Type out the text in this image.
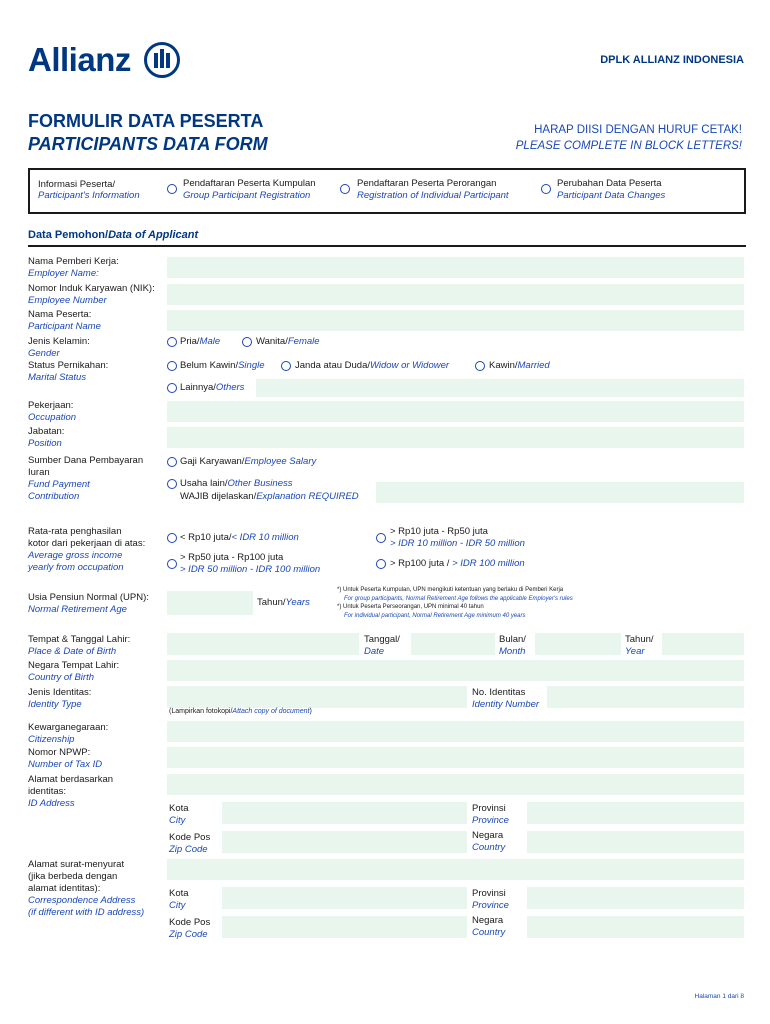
Allianz	DPLK ALLIANZ INDONESIA
FORMULIR DATA PESERTA
PARTICIPANTS DATA FORM
HARAP DIISI DENGAN HURUF CETAK!
PLEASE COMPLETE IN BLOCK LETTERS!
Informasi Peserta/
Participant's Information
Pendaftaran Peserta Kumpulan
Group Participant Registration
Pendaftaran Peserta Perorangan
Registration of Individual Participant
Perubahan Data Peserta
Participant Data Changes
Data Pemohon/Data of Applicant
Nama Pemberi Kerja:
Employer Name:
Nomor Induk Karyawan (NIK):
Employee Number
Nama Peserta:
Participant Name
Jenis Kelamin:
Gender
Pria/Male	Wanita/Female
Status Pernikahan:
Marital Status
Belum Kawin/Single	Janda atau Duda/Widow or Widower	Kawin/Married
Lainnya/Others
Pekerjaan:
Occupation
Jabatan:
Position
Sumber Dana Pembayaran
Iuran
Fund Payment
Contribution
Gaji Karyawan/Employee Salary
Usaha lain/Other Business
WAJIB dijelaskan/Explanation REQUIRED
Rata-rata penghasilan
kotor dari pekerjaan di atas:
Average gross income
yearly from occupation
< Rp10 juta/< IDR 10 million
> Rp10 juta - Rp50 juta
> IDR 10 million - IDR 50 million
> Rp50 juta - Rp100 juta
> IDR 50 million - IDR 100 million
> Rp100 juta / > IDR 100 million
Usia Pensiun Normal (UPN):
Normal Retirement Age
Tahun/Years
*) Untuk Peserta Kumpulan, UPN mengikuti ketentuan yang berlaku di Pemberi Kerja
For group participants, Normal Retirement Age follows the applicable Employer's rules
*) Untuk Peserta Perseorangan, UPN minimal 40 tahun
For individual participant, Normal Retirement Age minimum 40 years
Tempat & Tanggal Lahir:
Place & Date of Birth
Tanggal/
Date
Bulan/
Month
Tahun/
Year
Negara Tempat Lahir:
Country of Birth
Jenis Identitas:
Identity Type
No. Identitas
Identity Number
(Lampirkan fotokopi/Attach copy of document)
Kewarganegaraan:
Citizenship
Nomor NPWP:
Number of Tax ID
Alamat berdasarkan
identitas:
ID Address	Kota
City
Provinsi
Province
Kode Pos
Zip Code
Negara
Country
Alamat surat-menyurat
(jika berbeda dengan
alamat identitas):
Correspondence Address
(if different with ID address)
Kota
City
Provinsi
Province
Kode Pos
Zip Code
Negara
Country
Halaman 1 dari 8
